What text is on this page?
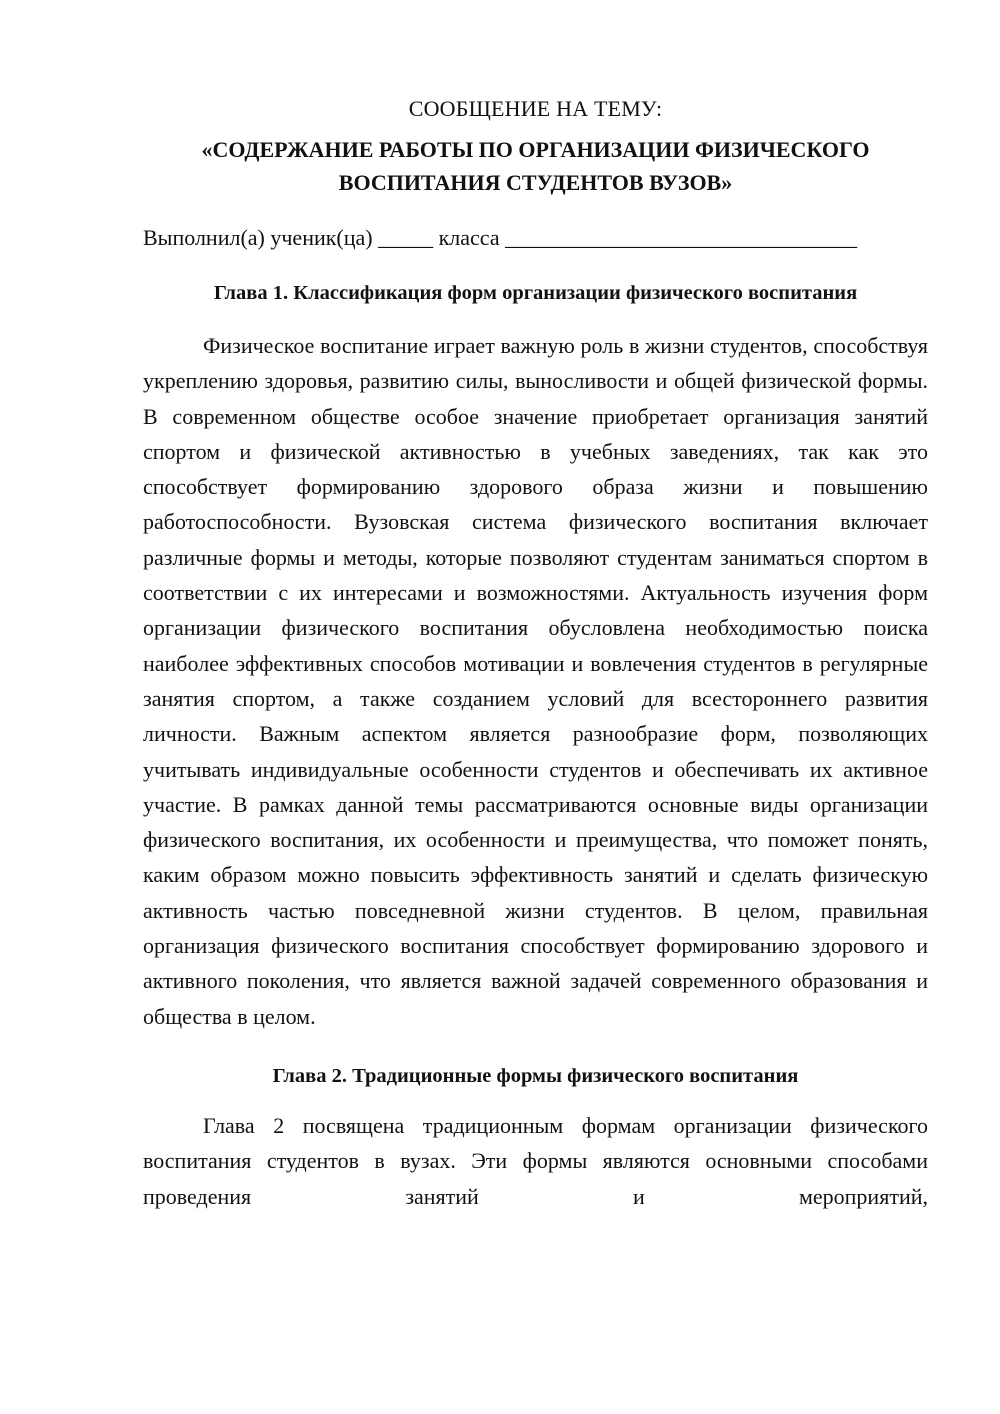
СООБЩЕНИЕ НА ТЕМУ:

«СОДЕРЖАНИЕ РАБОТЫ ПО ОРГАНИЗАЦИИ ФИЗИЧЕСКОГО
ВОСПИТАНИЯ СТУДЕНТОВ ВУЗОВ»

Выполнил(а) ученик(ца) _____ класса ________________________________

Глава 1. Классификация форм организации физического воспитания

Физическое воспитание играет важную роль в жизни студентов, способствуя укреплению здоровья, развитию силы, выносливости и общей физической формы. В современном обществе особое значение приобретает организация занятий спортом и физической активностью в учебных заведениях, так как это способствует формированию здорового образа жизни и повышению работоспособности. Вузовская система физического воспитания включает различные формы и методы, которые позволяют студентам заниматься спортом в соответствии с их интересами и возможностями. Актуальность изучения форм организации физического воспитания обусловлена необходимостью поиска наиболее эффективных способов мотивации и вовлечения студентов в регулярные занятия спортом, а также созданием условий для всестороннего развития личности. Важным аспектом является разнообразие форм, позволяющих учитывать индивидуальные особенности студентов и обеспечивать их активное участие. В рамках данной темы рассматриваются основные виды организации физического воспитания, их особенности и преимущества, что поможет понять, каким образом можно повысить эффективность занятий и сделать физическую активность частью повседневной жизни студентов. В целом, правильная организация физического воспитания способствует формированию здорового и активного поколения, что является важной задачей современного образования и общества в целом.

Глава 2. Традиционные формы физического воспитания

Глава 2 посвящена традиционным формам организации физического воспитания студентов в вузах. Эти формы являются основными способами проведения занятий и мероприятий,
